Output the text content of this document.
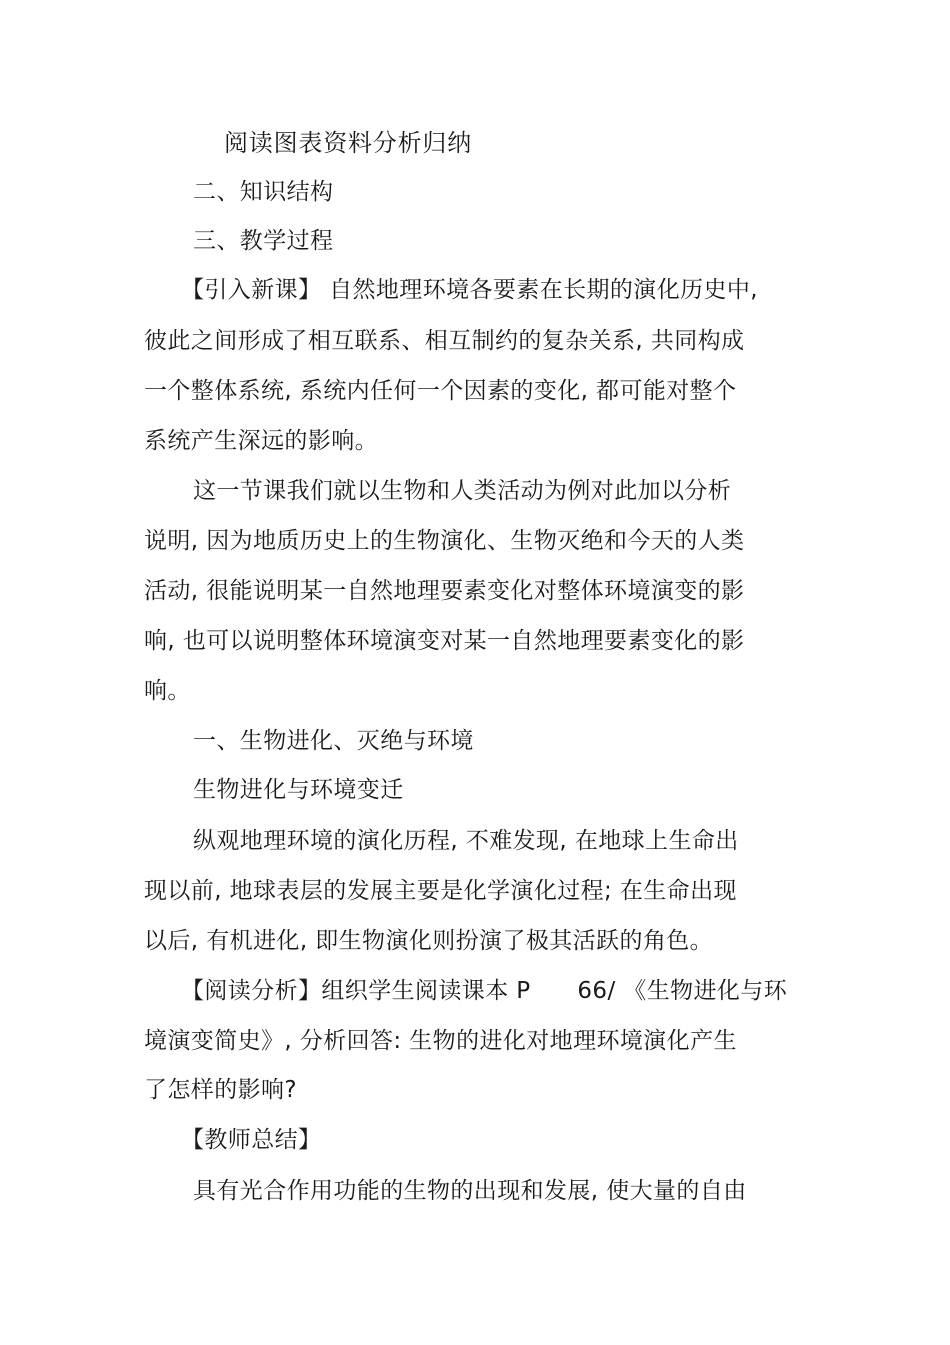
阅读图表资料分析归纳

二、知识结构

三、教学过程

【引入新课】 自然地理环境各要素在长期的演化历史中,

彼此之间形成了相互联系、相互制约的复杂关系, 共同构成

一个整体系统, 系统内任何一个因素的变化, 都可能对整个

系统产生深远的影响。

这一节课我们就以生物和人类活动为例对此加以分析

说明, 因为地质历史上的生物演化、生物灭绝和今天的人类

活动, 很能说明某一自然地理要素变化对整体环境演变的影

响, 也可以说明整体环境演变对某一自然地理要素变化的影

响。

一、生物进化、灭绝与环境

生物进化与环境变迁

纵观地理环境的演化历程, 不难发现, 在地球上生命出

现以前, 地球表层的发展主要是化学演化过程; 在生命出现

以后, 有机进化, 即生物演化则扮演了极其活跃的角色。

【阅读分析】组织学生阅读课本 P　　66/ 《生物进化与环

境演变简史》, 分析回答: 生物的进化对地理环境演化产生

了怎样的影响?

【教师总结】

具有光合作用功能的生物的出现和发展, 使大量的自由
